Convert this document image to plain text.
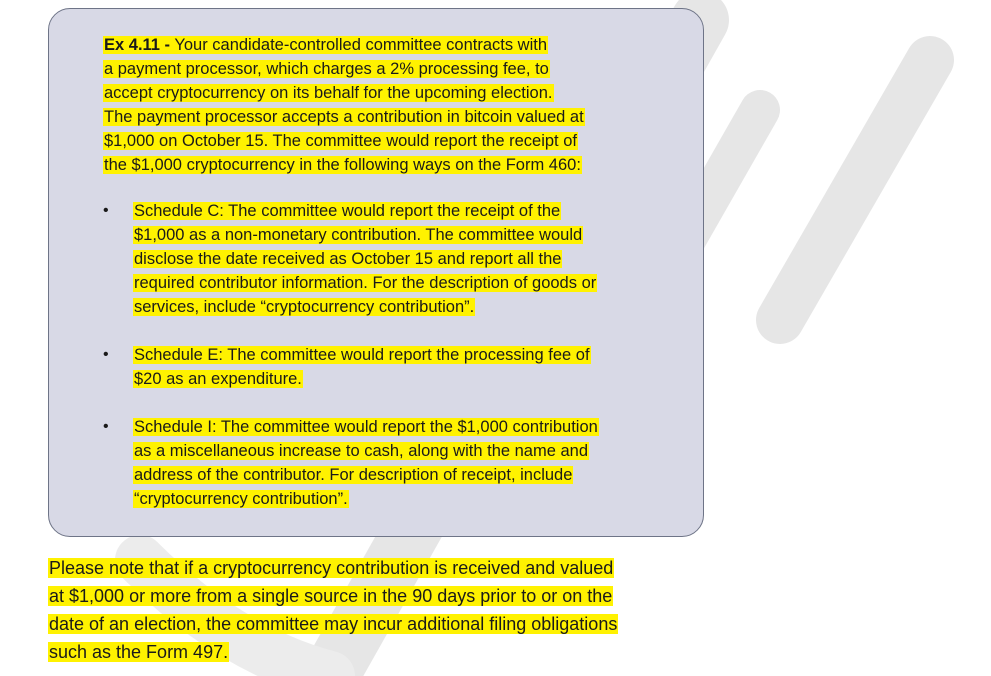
Ex 4.11 - Your candidate-controlled committee contracts with
a payment processor, which charges a 2% processing fee, to
accept cryptocurrency on its behalf for the upcoming election.
The payment processor accepts a contribution in bitcoin valued at
$1,000 on October 15. The committee would report the receipt of
the $1,000 cryptocurrency in the following ways on the Form 460:

•	Schedule C: The committee would report the receipt of the
$1,000 as a non-monetary contribution. The committee would
disclose the date received as October 15 and report all the
required contributor information. For the description of goods or
services, include “cryptocurrency contribution”.
•	Schedule E: The committee would report the processing fee of
$20 as an expenditure.
•	Schedule I: The committee would report the $1,000 contribution
as a miscellaneous increase to cash, along with the name and
address of the contributor. For description of receipt, include
“cryptocurrency contribution”.
Please note that if a cryptocurrency contribution is received and valued
at $1,000 or more from a single source in the 90 days prior to or on the
date of an election, the committee may incur additional filing obligations
such as the Form 497.
